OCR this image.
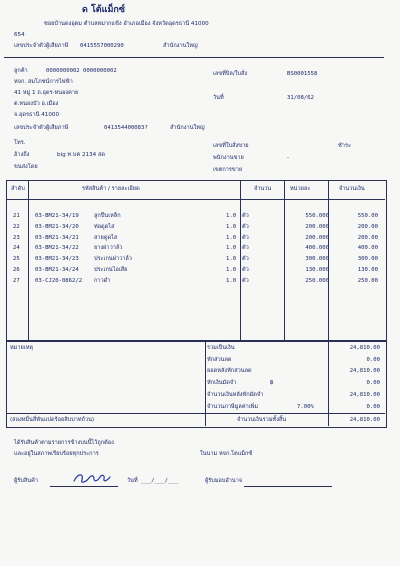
ด โต้แม็กซ์
ซอยบ้านดงอุดม ตำบลหมากแข้ง อำเภอเมือง จังหวัดอุดรธานี 41000
654
เลขประจำตัวผู้เสียภาษี 0415557000290	สำนักงานใหญ่
ลูกค้า	0000000002 0000000002
หจก. สมโภชน์การไฟฟ้า
41 หมู่ 1 ถ.อุดร-หนองคาย
ต.หนองบัว อ.เมือง
จ.อุดรธานี 41000
เลขประจำตัวผู้เสียภาษี	041354400083?	สำนักงานใหญ่
โทร.
อ้างถึง	big ท.บค 2134 สด
ขนส่งโดย
เลขที่บิล/ใบสั่ง	BS0001558
วันที่	31/08/62
เลขที่ใบสั่งขาย	ชำระ
พนักงานขาย	-
เขตการขาย
ลำดับ	รหัสสินค้า / รายละเอียด	จำนวน	หน่วยละ	จำนวนเงิน
21	03-BM21-34/19	ลูกปืนเหล็ก	1.0 ตัว	550.000	550.00
22	03-BM21-34/20	ท่อดูดไส	1.0 ตัว	200.000	200.00
23	03-BM21-34/21	สายดูดไส	1.0 ตัว	200.000	200.00
24	03-BM21-34/22	ยางฝาวาล์ว	1.0 ตัว	400.000	400.00
25	03-BM21-34/23	ประเกนฝาวาล์ว	1.0 ตัว	300.000	300.00
26	03-BM21-34/24	ประเกนไอเสีย	1.0 ตัว	130.000	130.00
27	03-CJ20-0862/2 กาวดำ	1.0 ตัว	250.000	250.00
หมายเหตุ
(สองหมื่นสี่พันแปดร้อยสิบบาทถ้วน)
รวมเป็นเงิน	24,810.00
หักส่วนลด	0.00
ยอดหลังหักส่วนลด	24,810.00
หักเงินมัดจำ	฿	0.00
จำนวนเงินหลังหักมัดจำ	24,810.00
จำนวนภาษีมูลค่าเพิ่ม	7.00%	0.00
จำนวนเงินรวมทั้งสิ้น	24,810.00
ได้รับสินค้าตามรายการข้างบนนี้ไว้ถูกต้อง
และอยู่ในสภาพเรียบร้อยทุกประการ	ในนาม หจก.โตแม็กซ์
ผู้รับสินค้า	วันที่ ___/___/___	ผู้รับมอบอำนาจ
